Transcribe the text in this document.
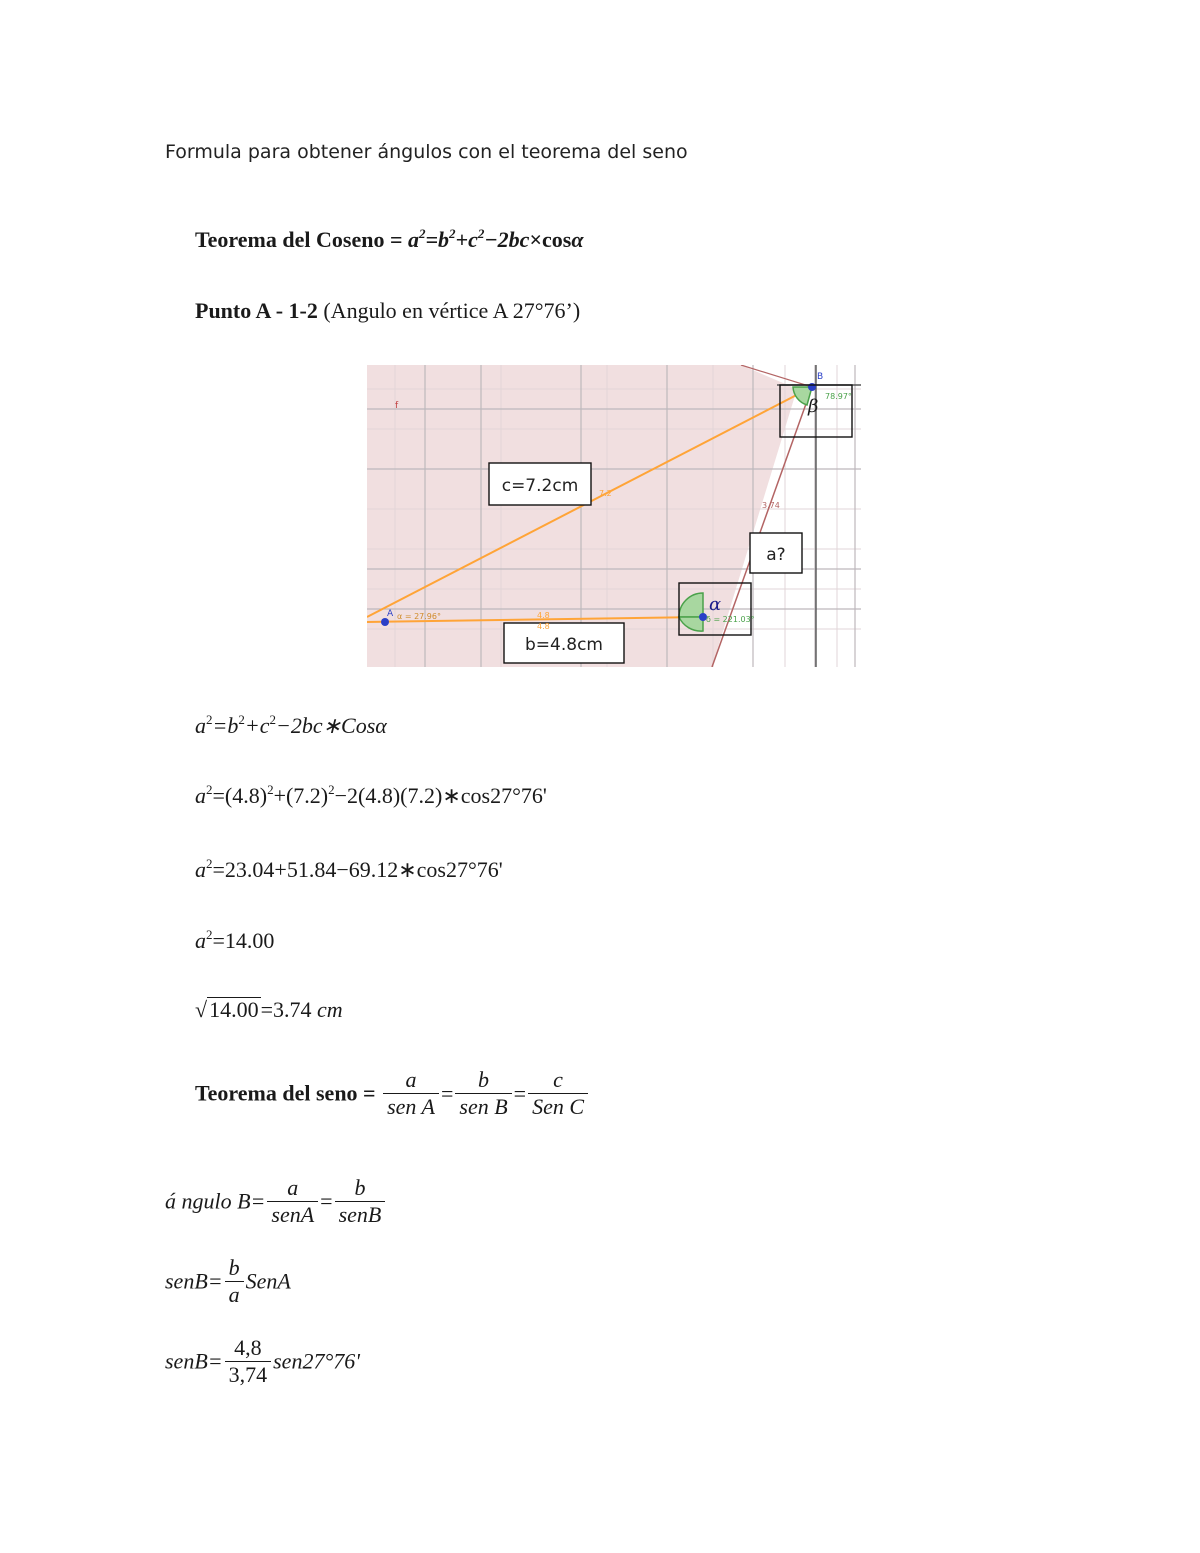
Formula para obtener ángulos con el teorema del seno
Teorema del Coseno = $a^2=b^2+c^2-2bc\times\cos\alpha$
Punto A - 1-2 (Angulo en vértice A 27°76’)
c=7.2cm
b=4.8cm
a?
α
β
A
B
α = 27.96°
78.97°
δ = 221.03°
7.2
4.8
4.8
3.74
f
$a^2=b^2+c^2-2bc∗Cos\alpha$
$a^2=(4.8)^2+(7.2)^2-2(4.8)(7.2)∗\cos 27^\circ 76'$
$a^2=23.04+51.84-69.12∗\cos 27^\circ 76'$
$a^2=14.00$
√14.00=3.74 cm
Teorema del seno = $\frac{a}{\text{sen A}} = \frac{b}{\text{sen B}} = \frac{c}{\text{Sen C}}$
á ngulo $B= \frac{a}{\text{senA}} = \frac{b}{\text{senB}}$
senB= $\frac{b}{a}$ SenA
senB= $\frac{4,8}{3,74} sen27^\circ 76'$
